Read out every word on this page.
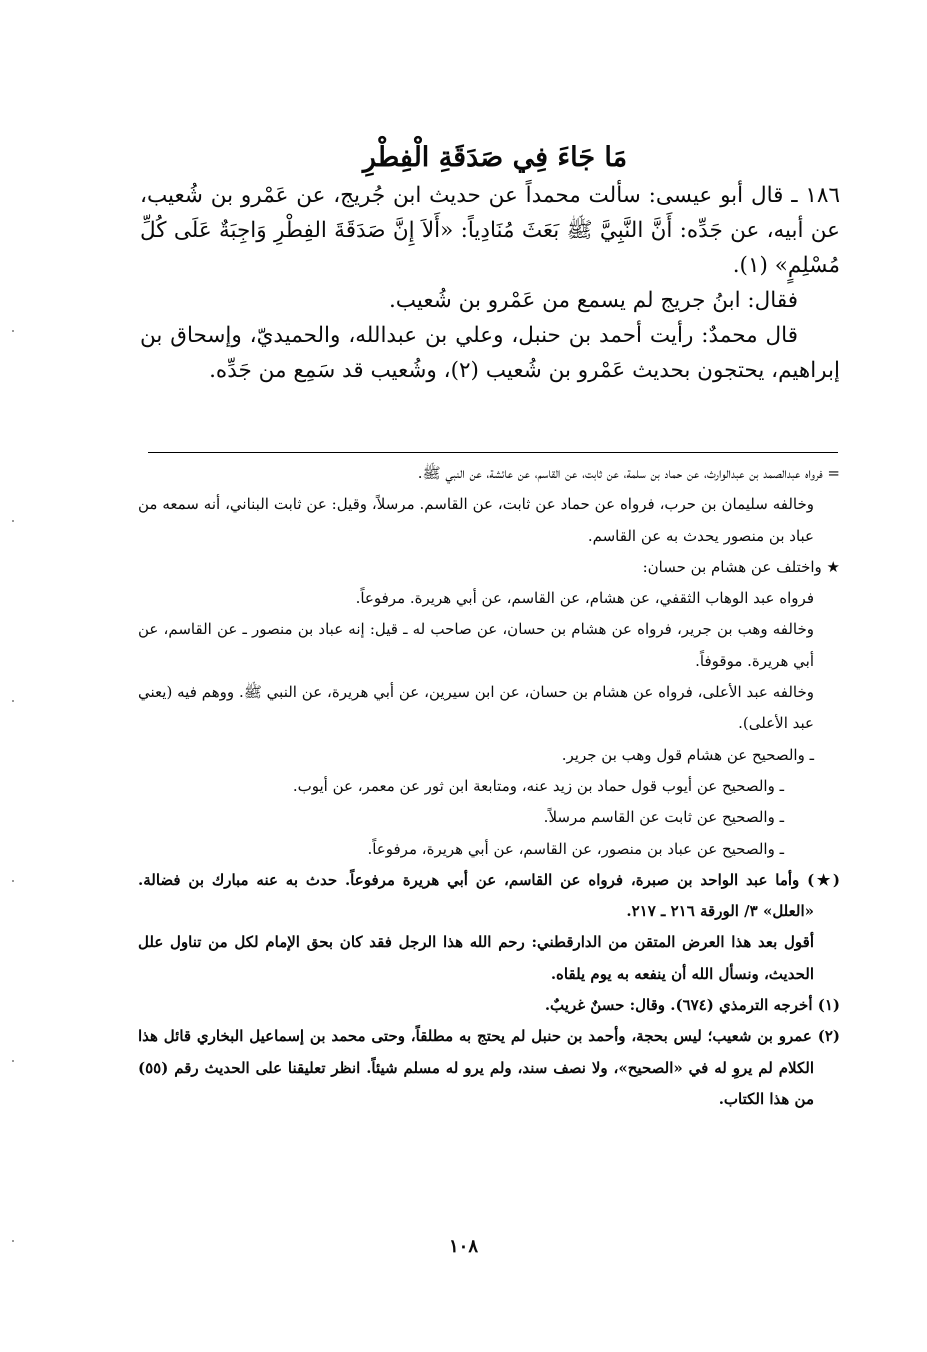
مَا جَاءَ فِي صَدَقَةِ الْفِطْرِ

١٨٦ ـ قال أبو عيسى: سألت محمداً عن حديث ابن جُريج، عن عَمْرو بن شُعيب، عن أبيه، عن جَدِّه: أَنَّ النَّبِيَّ ﷺ بَعَثَ مُنَادِياً: «أَلاَ إِنَّ صَدَقَةَ الفِطْرِ وَاجِبَةٌ عَلَى كُلِّ مُسْلِمٍ» (١).

فقال: ابنُ جريج لم يسمع من عَمْرو بن شُعيب.

قال محمدٌ: رأيت أحمد بن حنبل، وعلي بن عبدالله، والحميديّ، وإسحاق بن إبراهيم، يحتجون بحديث عَمْرو بن شُعيب (٢)، وشُعيب قد سَمِع من جَدِّه.

= فرواه عبدالصمد بن عبدالوارث، عن حماد بن سلمة، عن ثابت، عن القاسم، عن عائشة، عن النبي ﷺ.

وخالفه سليمان بن حرب، فرواه عن حماد عن ثابت، عن القاسم. مرسلاً، وقيل: عن ثابت البناني، أنه سمعه من عباد بن منصور يحدث به عن القاسم.

★ واختلف عن هشام بن حسان:

فرواه عبد الوهاب الثقفي، عن هشام، عن القاسم، عن أبي هريرة. مرفوعاً.

وخالفه وهب بن جرير، فرواه عن هشام بن حسان، عن صاحب له ـ قيل: إنه عباد بن منصور ـ عن القاسم، عن أبي هريرة. موقوفاً.

وخالفه عبد الأعلى، فرواه عن هشام بن حسان، عن ابن سيرين، عن أبي هريرة، عن النبي ﷺ. ووهم فيه (يعني عبد الأعلى).

ـ والصحيح عن هشام قول وهب بن جرير.

ـ والصحيح عن أيوب قول حماد بن زيد عنه، ومتابعة ابن ثور عن معمر، عن أيوب.

ـ والصحيح عن ثابت عن القاسم مرسلاً.

ـ والصحيح عن عباد بن منصور، عن القاسم، عن أبي هريرة، مرفوعاً.

(★) وأما عبد الواحد بن صبرة، فرواه عن القاسم، عن أبي هريرة مرفوعاً. حدث به عنه مبارك بن فضالة. «العلل» ٣/ الورقة ٢١٦ ـ ٢١٧.

أقول بعد هذا العرض المتقن من الدارقطني: رحم الله هذا الرجل فقد كان بحق الإمام لكل من تناول علل الحديث، ونسأل الله أن ينفعه به يوم يلقاه.

(١) أخرجه الترمذي (٦٧٤). وقال: حسنٌ غريبٌ.

(٢) عمرو بن شعيب؛ ليس بحجة، وأحمد بن حنبل لم يحتج به مطلقاً، وحتى محمد بن إسماعيل البخاري قائل هذا الكلام لم يروِ له في «الصحيح»، ولا نصف سند، ولم يرو له مسلم شيئاً. انظر تعليقنا على الحديث رقم (٥٥) من هذا الكتاب.

١٠٨
